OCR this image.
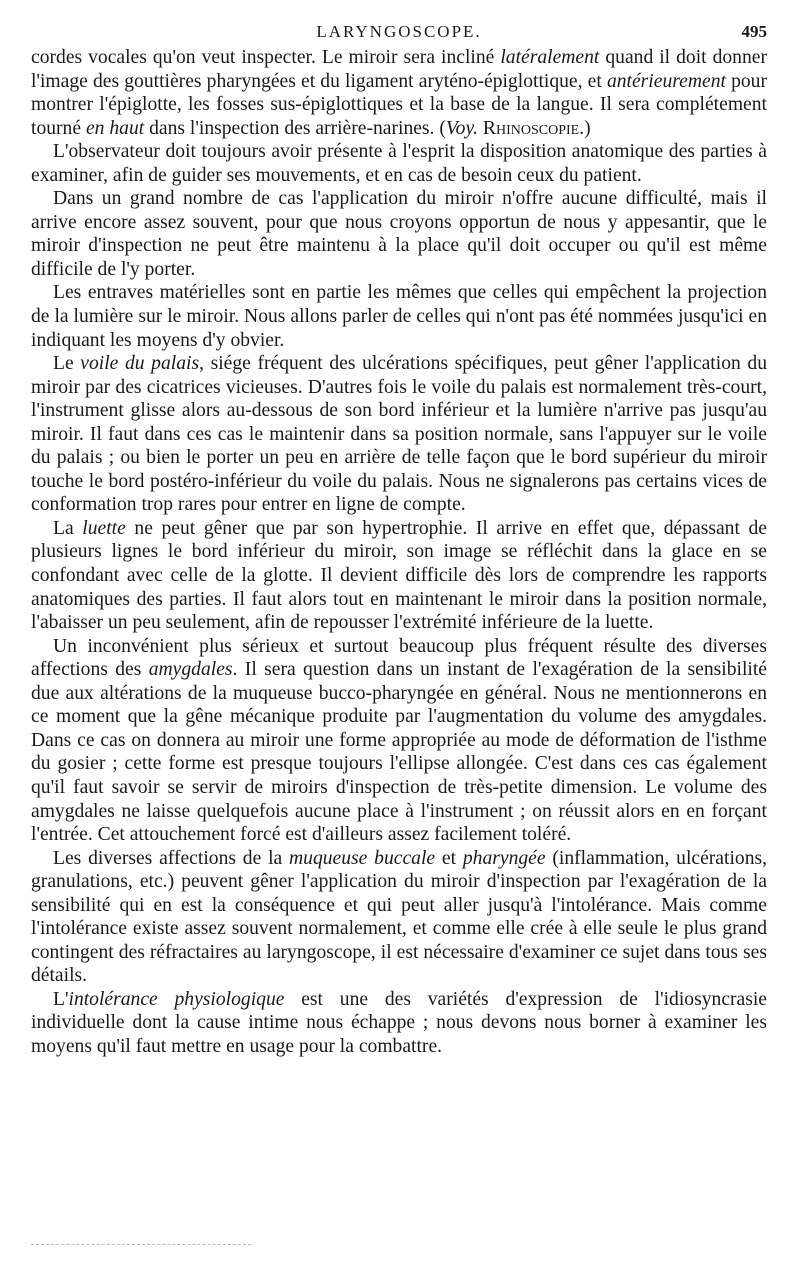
LARYNGOSCOPE.	495

cordes vocales qu'on veut inspecter. Le miroir sera incliné latéralement quand il doit donner l'image des gouttières pharyngées et du ligament aryténo-épiglottique, et antérieurement pour montrer l'épiglotte, les fosses sus-épiglottiques et la base de la langue. Il sera complétement tourné en haut dans l'inspection des arrière-narines. (Voy. Rhinoscopie.)

L'observateur doit toujours avoir présente à l'esprit la disposition anatomique des parties à examiner, afin de guider ses mouvements, et en cas de besoin ceux du patient.

Dans un grand nombre de cas l'application du miroir n'offre aucune difficulté, mais il arrive encore assez souvent, pour que nous croyons opportun de nous y appesantir, que le miroir d'inspection ne peut être maintenu à la place qu'il doit occuper ou qu'il est même difficile de l'y porter.

Les entraves matérielles sont en partie les mêmes que celles qui empêchent la projection de la lumière sur le miroir. Nous allons parler de celles qui n'ont pas été nommées jusqu'ici en indiquant les moyens d'y obvier.

Le voile du palais, siége fréquent des ulcérations spécifiques, peut gêner l'application du miroir par des cicatrices vicieuses. D'autres fois le voile du palais est normalement très-court, l'instrument glisse alors au-dessous de son bord inférieur et la lumière n'arrive pas jusqu'au miroir. Il faut dans ces cas le maintenir dans sa position normale, sans l'appuyer sur le voile du palais ; ou bien le porter un peu en arrière de telle façon que le bord supérieur du miroir touche le bord postéro-inférieur du voile du palais. Nous ne signalerons pas certains vices de conformation trop rares pour entrer en ligne de compte.

La luette ne peut gêner que par son hypertrophie. Il arrive en effet que, dépassant de plusieurs lignes le bord inférieur du miroir, son image se réfléchit dans la glace en se confondant avec celle de la glotte. Il devient difficile dès lors de comprendre les rapports anatomiques des parties. Il faut alors tout en maintenant le miroir dans la position normale, l'abaisser un peu seulement, afin de repousser l'extrémité inférieure de la luette.

Un inconvénient plus sérieux et surtout beaucoup plus fréquent résulte des diverses affections des amygdales. Il sera question dans un instant de l'exagération de la sensibilité due aux altérations de la muqueuse bucco-pharyngée en général. Nous ne mentionnerons en ce moment que la gêne mécanique produite par l'augmentation du volume des amygdales. Dans ce cas on donnera au miroir une forme appropriée au mode de déformation de l'isthme du gosier ; cette forme est presque toujours l'ellipse allongée. C'est dans ces cas également qu'il faut savoir se servir de miroirs d'inspection de très-petite dimension. Le volume des amygdales ne laisse quelquefois aucune place à l'instrument ; on réussit alors en en forçant l'entrée. Cet attouchement forcé est d'ailleurs assez facilement toléré.

Les diverses affections de la muqueuse buccale et pharyngée (inflammation, ulcérations, granulations, etc.) peuvent gêner l'application du miroir d'inspection par l'exagération de la sensibilité qui en est la conséquence et qui peut aller jusqu'à l'intolérance. Mais comme l'intolérance existe assez souvent normalement, et comme elle crée à elle seule le plus grand contingent des réfractaires au laryngoscope, il est nécessaire d'examiner ce sujet dans tous ses détails.

L'intolérance physiologique est une des variétés d'expression de l'idiosyncrasie individuelle dont la cause intime nous échappe ; nous devons nous borner à examiner les moyens qu'il faut mettre en usage pour la combattre.
